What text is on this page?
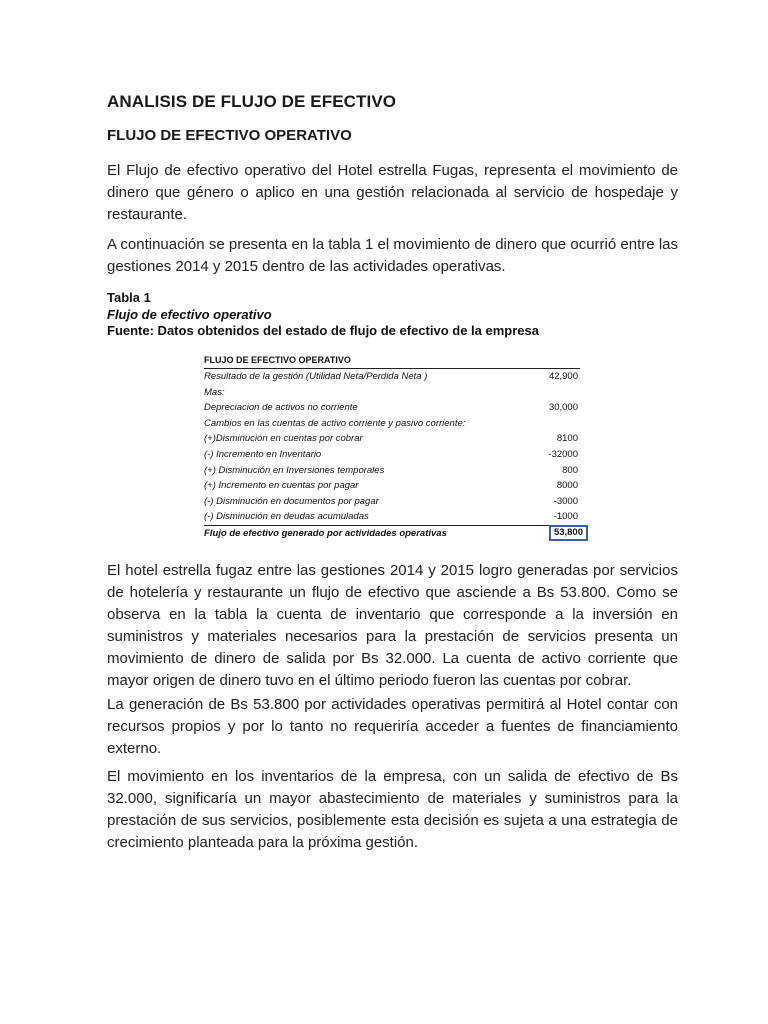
ANALISIS DE FLUJO DE EFECTIVO
FLUJO DE EFECTIVO OPERATIVO

El Flujo de efectivo operativo del Hotel estrella Fugas, representa el movimiento de dinero que género o aplico en una gestión relacionada al servicio de hospedaje y restaurante.

A continuación se presenta en la tabla 1 el movimiento de dinero que ocurrió entre las gestiones 2014 y 2015 dentro de las actividades operativas.

Tabla 1

Flujo de efectivo operativo

Fuente: Datos obtenidos del estado de flujo de efectivo de la empresa

FLUJO DE EFECTIVO OPERATIVO
Resultado de la gestión (Utilidad Neta/Perdida Neta )	42,900
Mas:
Depreciacion de activos no corriente	30,000
Cambios en las cuentas de activo corriente y pasivo corriente:
(+)Disminución en cuentas por cobrar	8100
(-) Incremento en Inventario	-32000
(+) Disminución en Inversiones temporales	800
(+) Incremento en cuentas por pagar	8000
(-) Disminución en documentos por pagar	-3000
(-) Disminución en deudas acumuladas	-1000
Flujo de efectivo generado por actividades operativas	53,800

El hotel estrella fugaz entre las gestiones 2014 y 2015 logro generadas por servicios de hotelería y restaurante un flujo de efectivo que asciende a Bs 53.800. Como se observa en la tabla la cuenta de inventario que corresponde a la inversión en suministros y materiales necesarios para la prestación de servicios presenta un movimiento de dinero de salida por Bs 32.000. La cuenta de activo corriente que mayor origen de dinero tuvo en el último periodo fueron las cuentas por cobrar.

La generación de Bs 53.800 por actividades operativas permitirá al Hotel contar con recursos propios y por lo tanto no requeriría acceder a fuentes de financiamiento externo.

El movimiento en los inventarios de la empresa, con un salida de efectivo de Bs 32.000, significaría un mayor abastecimiento de materiales y suministros para la prestación de sus servicios, posiblemente esta decisión es sujeta a una estrategia de crecimiento planteada para la próxima gestión.
